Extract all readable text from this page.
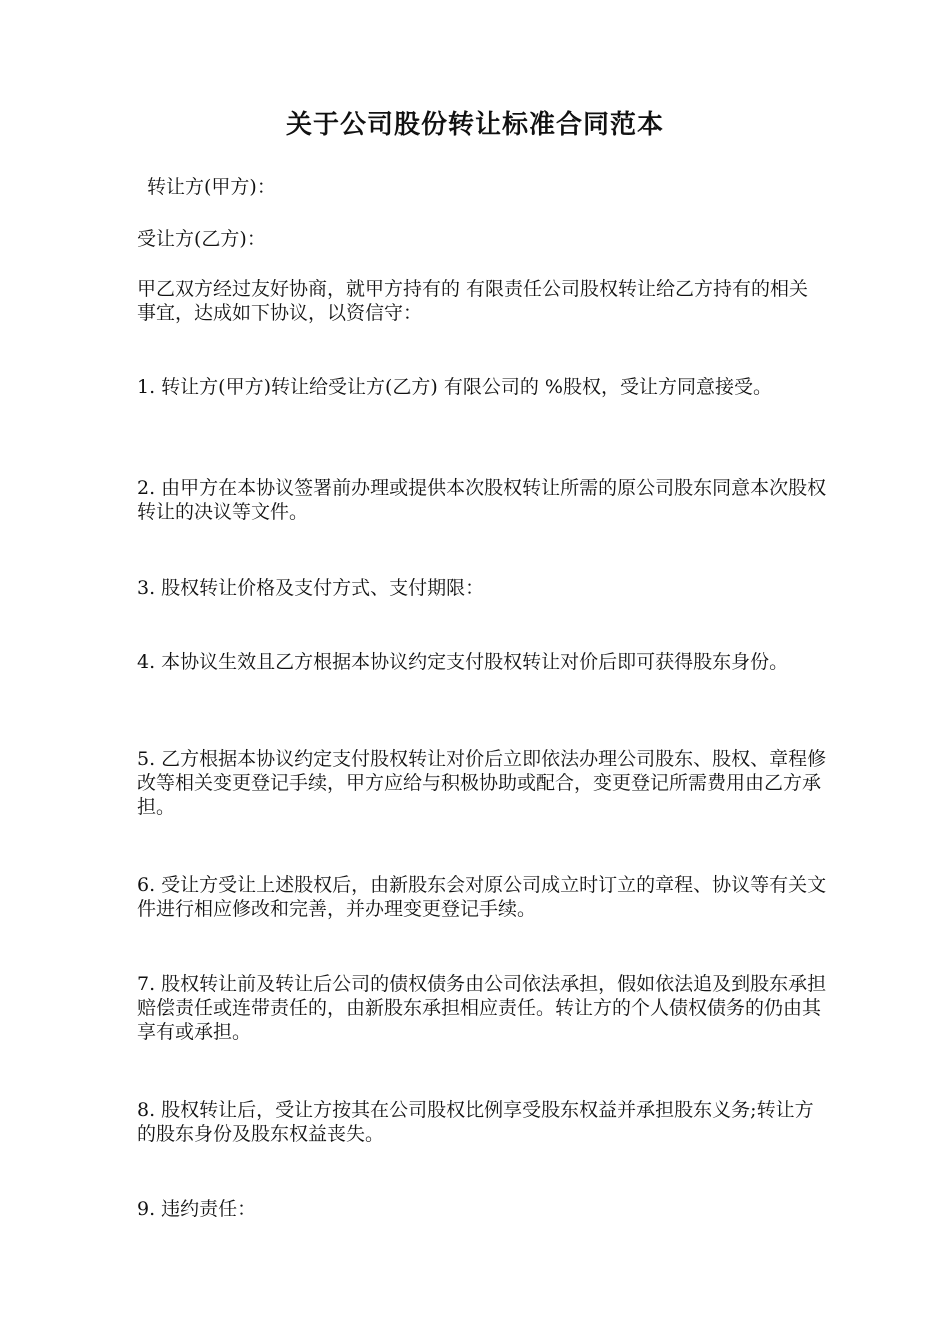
关于公司股份转让标准合同范本

转让方(甲方)：

受让方(乙方)：

甲乙双方经过友好协商，就甲方持有的 有限责任公司股权转让给乙方持有的相关事宜，达成如下协议，以资信守：

1. 转让方(甲方)转让给受让方(乙方) 有限公司的 %股权，受让方同意接受。

2. 由甲方在本协议签署前办理或提供本次股权转让所需的原公司股东同意本次股权转让的决议等文件。

3. 股权转让价格及支付方式、支付期限：

4. 本协议生效且乙方根据本协议约定支付股权转让对价后即可获得股东身份。

5. 乙方根据本协议约定支付股权转让对价后立即依法办理公司股东、股权、章程修改等相关变更登记手续，甲方应给与积极协助或配合，变更登记所需费用由乙方承担。

6. 受让方受让上述股权后，由新股东会对原公司成立时订立的章程、协议等有关文件进行相应修改和完善，并办理变更登记手续。

7. 股权转让前及转让后公司的债权债务由公司依法承担，假如依法追及到股东承担赔偿责任或连带责任的，由新股东承担相应责任。转让方的个人债权债务的仍由其享有或承担。

8. 股权转让后，受让方按其在公司股权比例享受股东权益并承担股东义务;转让方的股东身份及股东权益丧失。

9. 违约责任：
